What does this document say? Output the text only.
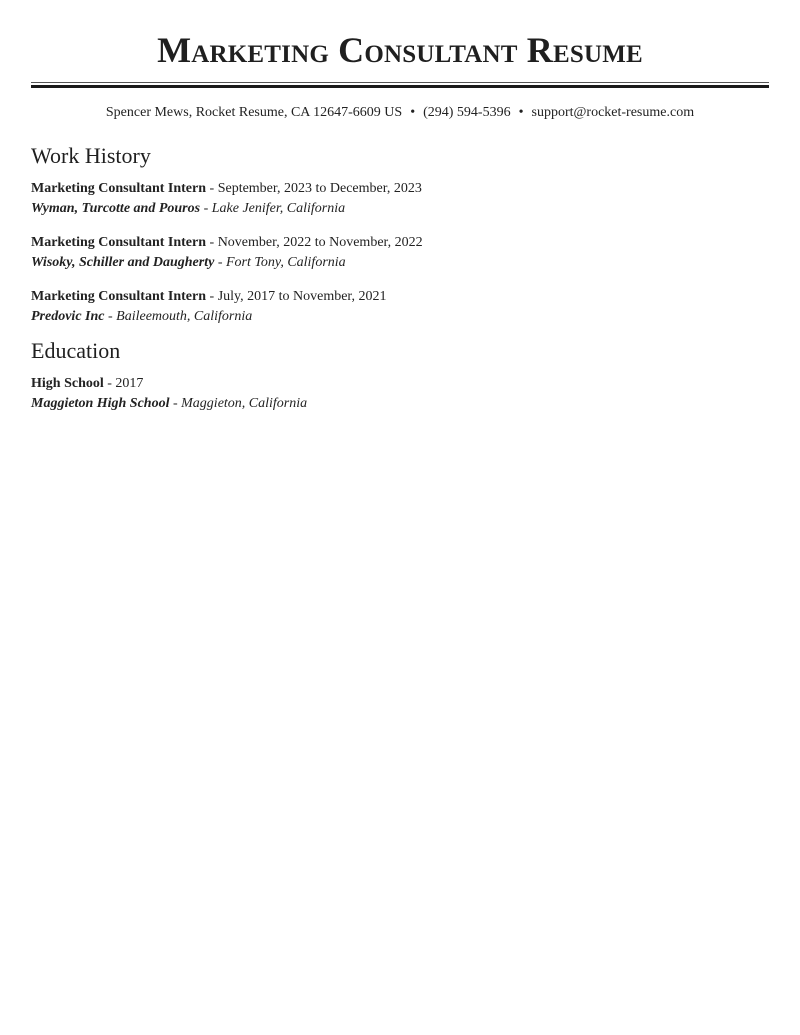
Marketing Consultant Resume
Spencer Mews, Rocket Resume, CA 12647-6609 US • (294) 594-5396 • support@rocket-resume.com
Work History
Marketing Consultant Intern - September, 2023 to December, 2023
Wyman, Turcotte and Pouros - Lake Jenifer, California
Marketing Consultant Intern - November, 2022 to November, 2022
Wisoky, Schiller and Daugherty - Fort Tony, California
Marketing Consultant Intern - July, 2017 to November, 2021
Predovic Inc - Baileemouth, California
Education
High School - 2017
Maggieton High School - Maggieton, California
